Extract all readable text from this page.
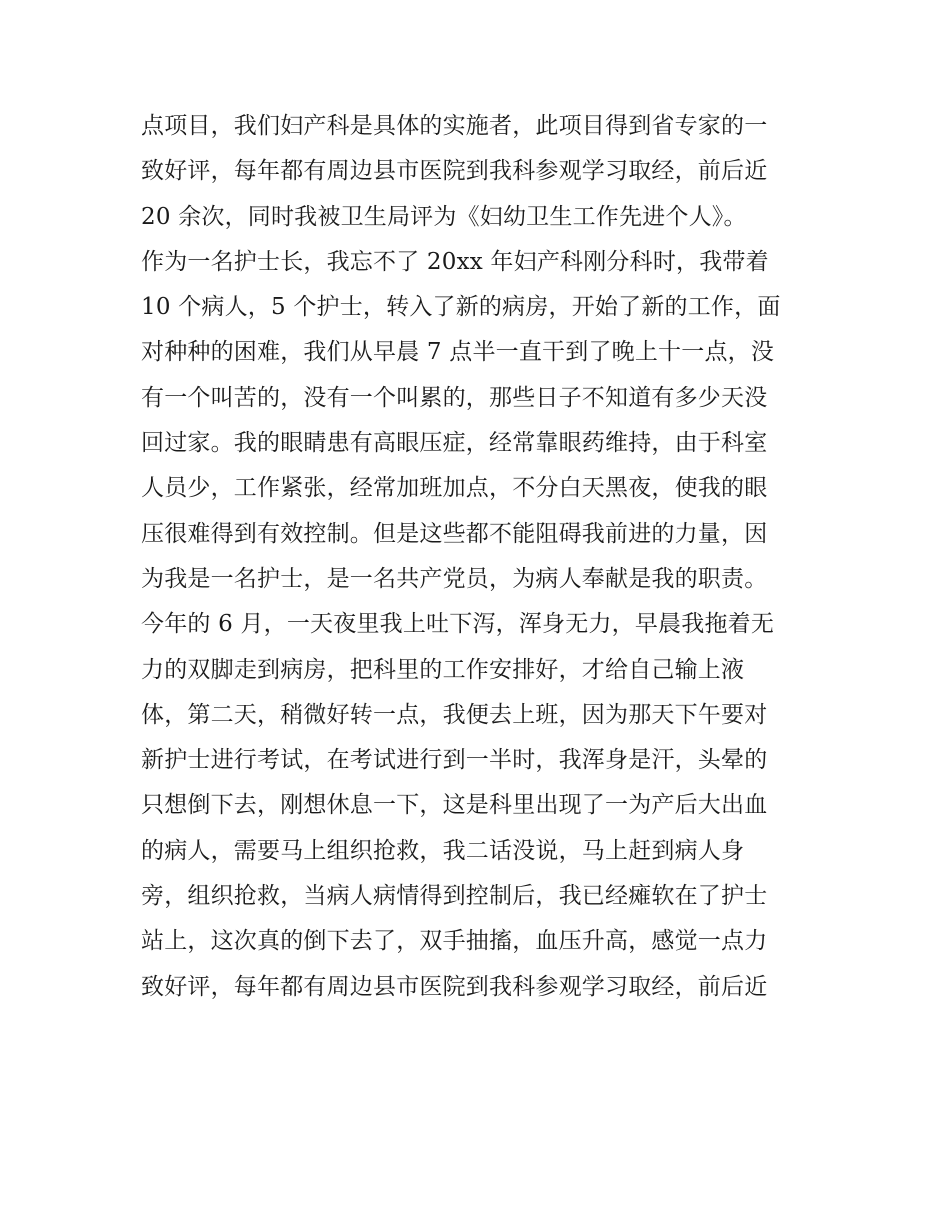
点项目，我们妇产科是具体的实施者，此项目得到省专家的一
致好评，每年都有周边县市医院到我科参观学习取经，前后近
20 余次，同时我被卫生局评为《妇幼卫生工作先进个人》。
作为一名护士长，我忘不了 20xx 年妇产科刚分科时，我带着
10 个病人，5 个护士，转入了新的病房，开始了新的工作，面
对种种的困难，我们从早晨 7 点半一直干到了晚上十一点，没
有一个叫苦的，没有一个叫累的，那些日子不知道有多少天没
回过家。我的眼睛患有高眼压症，经常靠眼药维持，由于科室
人员少，工作紧张，经常加班加点，不分白天黑夜，使我的眼
压很难得到有效控制。但是这些都不能阻碍我前进的力量，因
为我是一名护士，是一名共产党员，为病人奉献是我的职责。
今年的 6 月，一天夜里我上吐下泻，浑身无力，早晨我拖着无
力的双脚走到病房，把科里的工作安排好，才给自己输上液
体，第二天，稍微好转一点，我便去上班，因为那天下午要对
新护士进行考试，在考试进行到一半时，我浑身是汗，头晕的
只想倒下去，刚想休息一下，这是科里出现了一为产后大出血
的病人，需要马上组织抢救，我二话没说，马上赶到病人身
旁，组织抢救，当病人病情得到控制后，我已经瘫软在了护士
站上，这次真的倒下去了，双手抽搐，血压升高，感觉一点力
致好评，每年都有周边县市医院到我科参观学习取经，前后近
